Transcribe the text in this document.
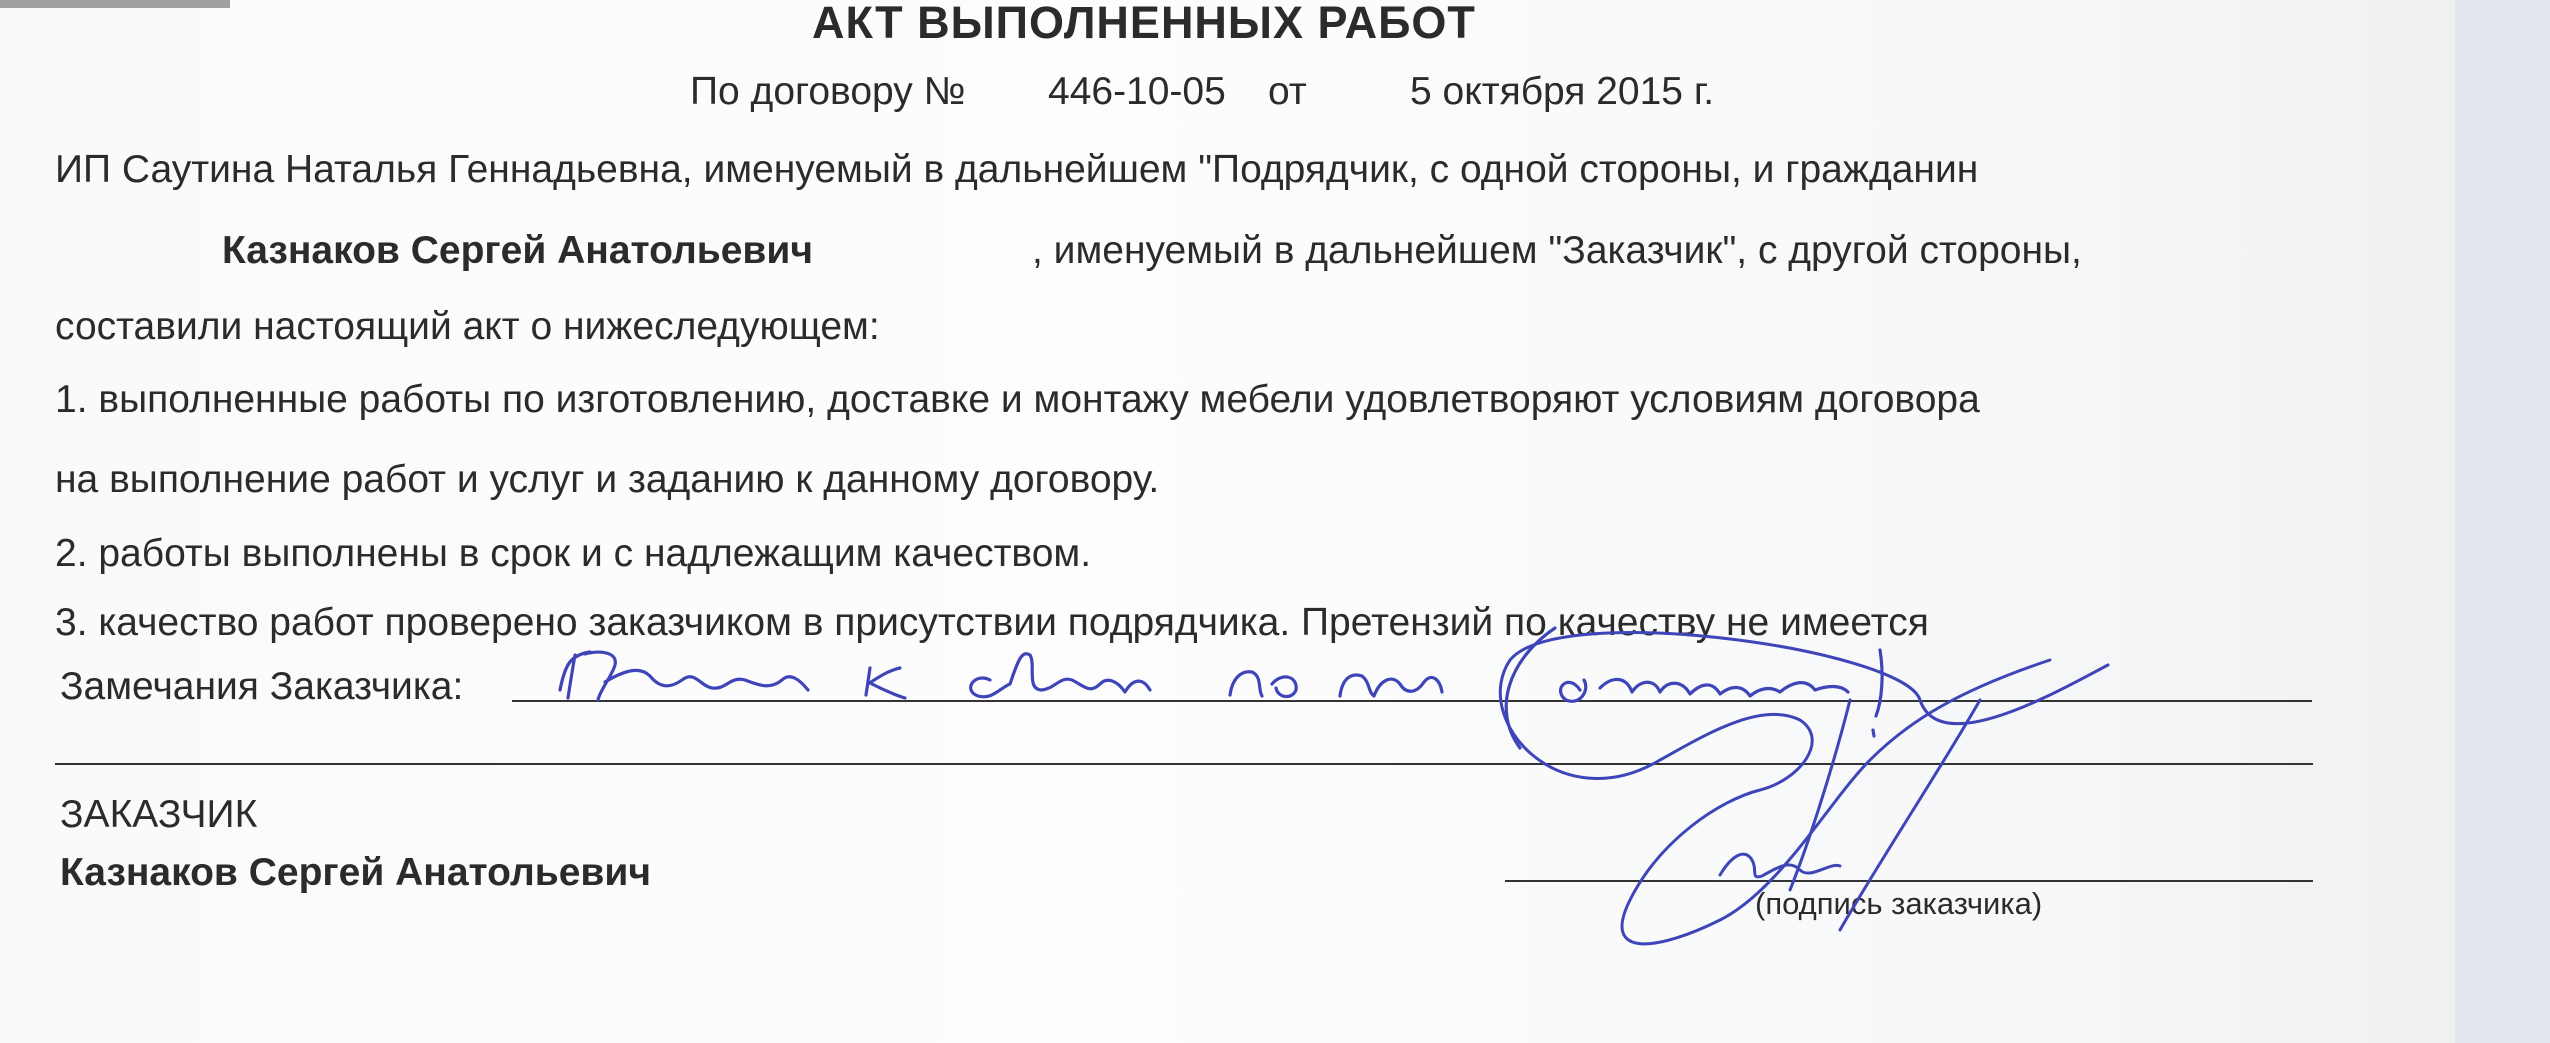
АКТ ВЫПОЛНЕННЫХ РАБОТ
По договору № 446-10-05 от	5 октября 2015 г.
ИП Саутина Наталья Геннадьевна, именуемый в дальнейшем "Подрядчик, с одной стороны, и гражданин
Казнаков Сергей Анатольевич	, именуемый в дальнейшем "Заказчик", с другой стороны,
составили настоящий акт о нижеследующем:
1. выполненные работы по изготовлению, доставке и монтажу мебели удовлетворяют условиям договора
на выполнение работ и услуг и заданию к данному договору.
2. работы выполнены в срок и с надлежащим качеством.
3. качество работ проверено заказчиком в присутствии подрядчика. Претензий по качеству не имеется
Замечания Заказчика:
ЗАКАЗЧИК
Казнаков Сергей Анатольевич
(подпись заказчика)
